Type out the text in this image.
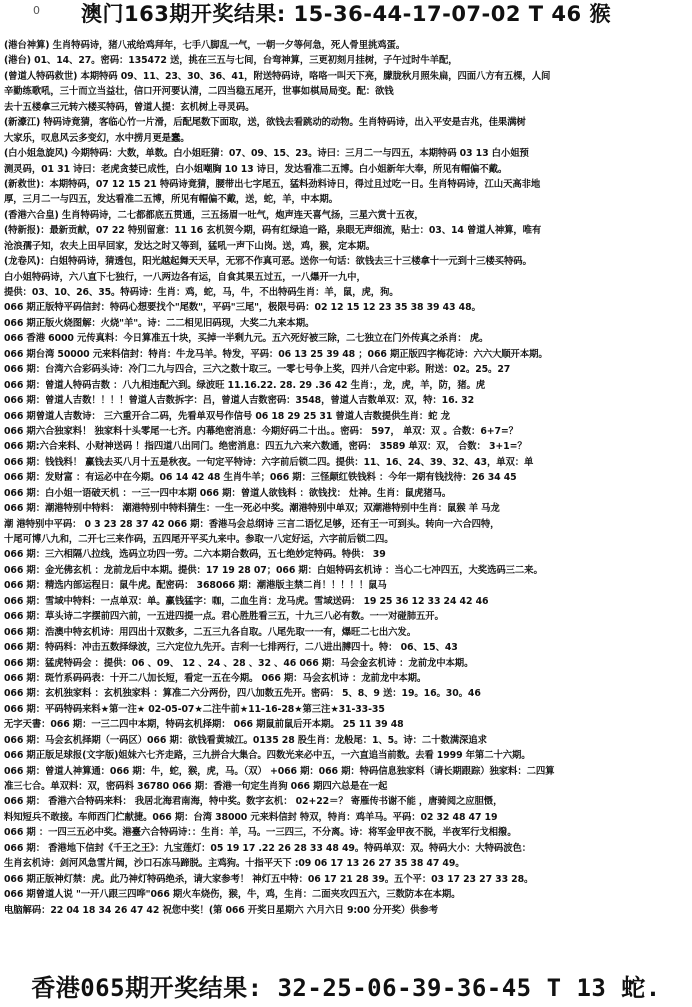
0	澳门163期开奖结果: 15-36-44-17-07-02 T 46 猴
(港台神算) 生肖特码诗，猪八戒给鸡拜年，七手八脚乱一气，一朝一夕等何急，死人骨里挑鸡蛋。
(港台) 01、14、27。密码：135472 送，挑在三五与七间，台弯神算，三更初刻月挂树，子午过时牛羊配，
(曾道人特码救世) 本期特码 09、11、23、30、36、41，附送特码诗，咯咯一叫天下亮，朦胧秋月照朱扁，四面八方有五棵，人间
辛勤练歌吼，三十而立当益壮，信口开河要认清，二四当稳五尾开，世事如棋局局变。配：欲钱
去十五楼拿三元转六楼买特码，曾道人提：玄机树上寻灵码。
(新濠江) 特码诗竟猜，客临心竹一片滑，后配尾数下面取，送，欲钱去看跳动的动物。生肖特码诗，出入平安是吉兆，佳果满树
大家乐，叹息风云多变幻，水中捞月更是蠢。
(白小姐急旋风) 今期特码：大数，单数。白小姐旺猜：07、09、15、23。诗曰：三月二一与四五，本期特码 03 13 白小姐预
测灵码，01 31 诗曰：老虎贪婪已成性，白小姐嘲胸 10 13 诗日，发达看准二五博。白小姐新年大奉，所见有帽偏不戴。
(新救世)：本期特码，07 12 15 21 特码诗竟猜，腰带出七字尾五，猛料劲料诗日，得过且过吃一日。生肖特码诗，江山天高非地
厚，三月二一与四五，发达看准二五博，所见有帽偏不戴，送，蛇，羊，中本期。
(香港六合皇) 生肖特码诗，二七都都底五贯通，三五扬眉一吐气，炮声连天喜气扬，三星六赏十五夜，
(特新报)：最新贡献，07 22 特别留意：11 16 玄机贺今期，码有红绿追一路，泉眼无声细流，贴士：03、14 曾道人神算，唯有
沧浪孺子知，农夫上田早回家，发达之时又等到，猛吼一声下山岗。送，鸡，猴，定本期。
(龙卷风)：白姐特码诗，猜透包，阳光越起舞天天早，无邪不作真可恶。送你一句话：欲钱去三十三楼拿十一元到十三楼买特码。
白小姐特码诗，六八直下七独行，一八两边各有运，自食其果五过五，一八爆开一九中，
提供：03、10、26、35。特码诗：生肖：鸡，蛇，马，牛，不出特码生肖：羊，鼠，虎，狗。
066 期正版特平码信封：特码心想要找个"尾数"，平码"三尾"，极限号码：02 12 15 12 23 35 38 39 43 48。
066 期正版火烧图解：火烧"羊"。诗：二二相见旧码现，大奖二九来本期。
066 香港 6000 元传真料：今日算准五十块，买掉一半剩九元。五六死好被三除，二七独立在门外传真之杀肖： 虎。
066 期台湾 50000 元来料信封：特肖：牛龙马羊。特发，平码：06 13 25 39 48 ；066 期正版四字梅花诗：六六大顺开本期。
066 期：台湾六合彩码头诗：冷门二九与四合，三六之数十取三。一零七号争上奖，四并八合定中彩。附送：02。25。27
066 期：曾道人特码吉数 ：八九相违配六到。绿波旺 11.16.22. 28. 29 .36 42 生肖：，龙，虎，羊，防，猪。虎
066 期：曾道人吉数！！！！曾道人吉数拆字：吕，曾道人吉数密码：3548，曾道人吉数单双：双，特：16. 32
066 期曾道人吉数诗： 三六重开合二码，先看单双号作信号 06 18 29 25 31 曾道人吉数提供生肖：蛇 龙
066 期六合独家料！ 独家料十头零尾一七齐。内幕绝密消息：今期好码二十出。。密码： 597， 单双：双 。合数：6+7=？
066 期:六合来料、小财神送码 ！指四道八出同门。绝密消息：四五九六来六数通，密码： 3589 单双：双， 合数： 3+1=？
066 期：钱钱料！ 赢钱去买八月十五是秋夜。一句定平特诗：六字前后锁二四。提供：11、16、24、39、32、43，单双：单
066 期：发财富 ：有运必中在今期。06 14 42 48 生肖牛羊；066 期：三怪颠红铁钱料 ：今年一期有钱找待：26 34 45
066 期：白小姐一语破天机 ：一三一四中本期 066 期：曾道人欲钱料 ：欲钱找： 灶神。生肖：鼠虎猪马。
066 期：潮港特别中特料： 潮港特别中特料猜生：一生一死必中奖。潮港特别中单双；双潮港特别中生肖：鼠猴 羊 马龙
潮 港特别中平码： 0 3 23 28 37 42 066 期：香港马会总纲诗 三言二语忆足够，还有王一可到头。转向一六合四特，
十尾可博八九和，二开七三来作码，五四尾开平买九来中。参取一八定好运，六字前后锁二四。
066 期：三六相隔八拉线，选码立功四一劳。二六本期合数码，五七绝妙定特码。特供： 39
066 期：金光佛玄机 ：龙前龙后中本期。提供：17 19 28 07；066 期：白姐特码玄机诗 ：当心二七冲四五，大奖选码三二来。
066 期：精选内部运程日：鼠牛虎。配密码： 368066 期：潮港版主禁二肖！！！！！鼠马
066 期：雪域中特料：一点单双：单。赢钱猛字：咖，二血生肖：龙马虎。雪域送码： 19 25 36 12 33 24 42 46
066 期：草头诗二字摆前四六前，一五进四提一点。君心胜胜看三五，十九三八必有数。一一对碰肺五开。
066 期：浩澳中特玄机诗：用四出十双数多，二五三九各自取。八尾先取一一有，爆旺二七出六发。
066 期：特码料：冲击五数择绿波，三六定位九先开。吉利一七排两行，二八进出膊四十。特： 06、15、43
066 期：猛虎特码会 ：提供：06 、09、 12 、24 、28 、32 、46 066 期：马会金玄机诗 ：龙前龙中本期。
066 期：斑竹系码码表：十开二八加长短，看定一五在今期。 066 期：马会玄机诗 ：龙前龙中本期。
066 期：玄机独家料 ：玄机独家料 ：算准二六分两份，四八加数五先开。密码： 5、8、9 送：19。16。30。46
066 期：平码特码来料★第一注★ 02-05-07★二注牛前★11-16-28★第三注★31-33-35
无字天書：066 期：一三二四中本期，特码玄机择期： 066 期鼠前鼠后开本期。 25 11 39 48
066 期：马会玄机择期（一码区）066 期：欲钱看黄城江。0135 28 股生肖：龙般尾：1、5。诗：二十数满深追求
066 期正版足球报(文字版)姐妹六七齐走路，三九拼合大集合。四数光来必中五，一六直追当前数。去看 1999 年第二十六期。
066 期：曾道人神算通：066 期：牛，蛇，猴，虎，马。（双） +066 期：066 期：特码信息独家料（请长期跟踪）独家料：二四算
准三七合。单双料：双，密码料 36780 066 期：香港一句定生肖狗 066 期四六总是在一起
066 期： 香港六合特码来料： 我居北海君南海，特中奖。数字玄机： 02+22＝？ 寄雁传书谢不能 ，唐骑阅之应胆慑，
料知短兵不敢接。车师西门伫献捷。066 期：台湾 38000 元来料信封 特双，特肖：鸡羊马。平码：02 32 48 47 19
066 期 ：一四三五必中奖。港臺六合特码诗：：生肖：羊，马。一三四三，不分离。诗：将军金甲夜不脱，半夜军行戈相撥。
066 期： 香港地下信封《千王之王》：九宝莲灯：05 19 17 .22 26 28 33 48 49。特码单双：双。特码大小：大特码波色：
生肖玄机诗：剑河风急雪片阔，沙口石冻马蹄脱。主鸡狗。十指平天下 :09 06 17 13 26 27 35 38 47 49。
066 期正版神灯禁：虎。此乃神灯特码绝杀，请大家参考！ 神灯五中特：06 17 21 28 39。五个平：03 17 23 27 33 28。
066 期曾道人说 "一开八跟三四哗"066 期火车烧伤，猴，牛，鸡，生肖：二面夹攻四五六，三数防本在本期。
电脑解码：22 04 18 34 26 47 42 祝您中奖！(第 066 开奖日星期六 六月六日 9:00 分开奖）供参考
香港065期开奖结果: 32-25-06-39-36-45 T 13 蛇.
